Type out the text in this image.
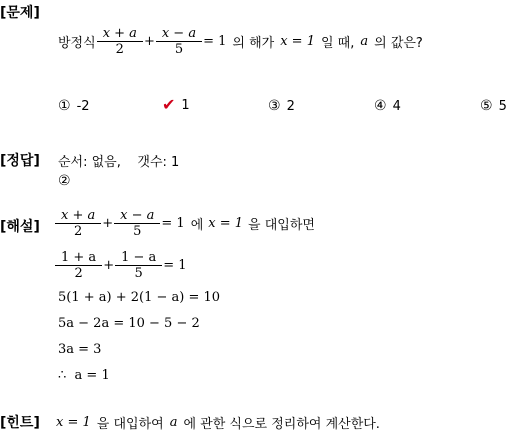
[문제]
방정식 $\frac{x + a}{2} + \frac{x - a}{5} = 1$ 의 해가 x = 1 일 때, a 의 값은?
① -2	✔ 1	③ 2	④ 4	⑤ 5
[정답] 순서: 없음,    갯수: 1
②
[해설] $\frac{x + a}{2} + \frac{x - a}{5} = 1$ 에 x = 1 을 대입하면
$\frac{1 + a}{2} + \frac{1 - a}{5} = 1$
5(1 + a) + 2(1 − a) = 10
5a − 2a = 10 − 5 − 2
3a = 3
∴  a = 1
[힌트] x = 1 을 대입하여 a 에 관한 식으로 정리하여 계산한다.
